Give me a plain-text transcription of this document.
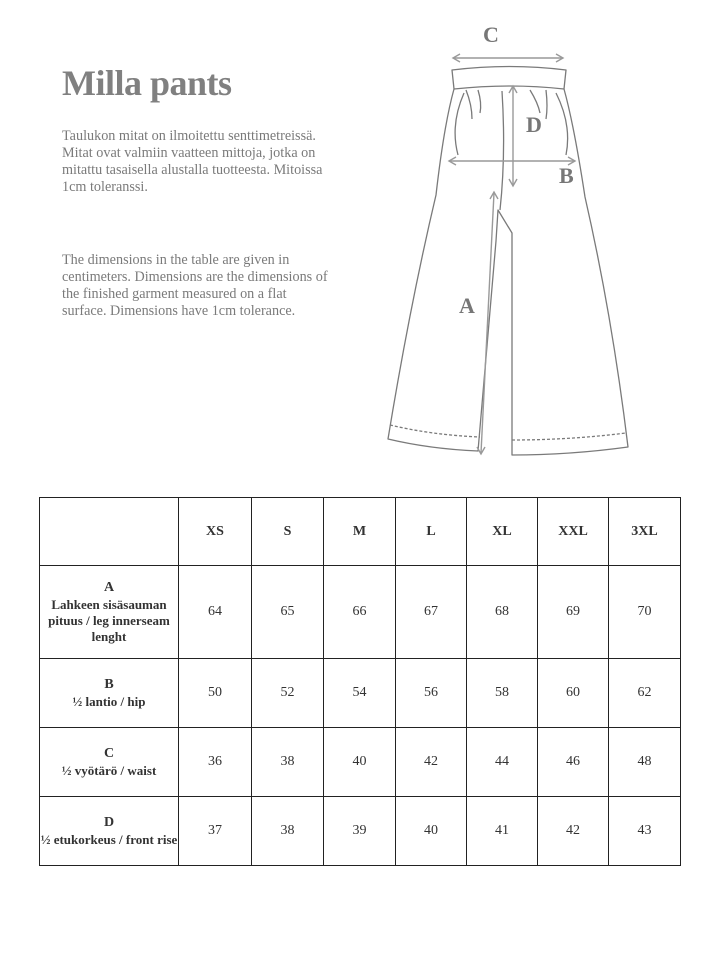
Milla pants

Taulukon mitat on ilmoitettu senttimetreissä. Mitat ovat valmiin vaatteen mittoja, jotka on mitattu tasaisella alustalla tuotteesta. Mitoissa 1cm toleranssi.

The dimensions in the table are given in centimeters. Dimensions are the dimensions of the finished garment measured on a flat surface. Dimensions have 1cm tolerance.

C
D
B
A
	XS	S	M	L	XL	XXL	3XL

A
Lahkeen sisäsauman pituus / leg innerseam lenght	64	65	66	67	68	69	70

B
½ lantio / hip	50	52	54	56	58	60	62

C
½ vyötärö / waist	36	38	40	42	44	46	48

D
½ etukorkeus / front rise	37	38	39	40	41	42	43
